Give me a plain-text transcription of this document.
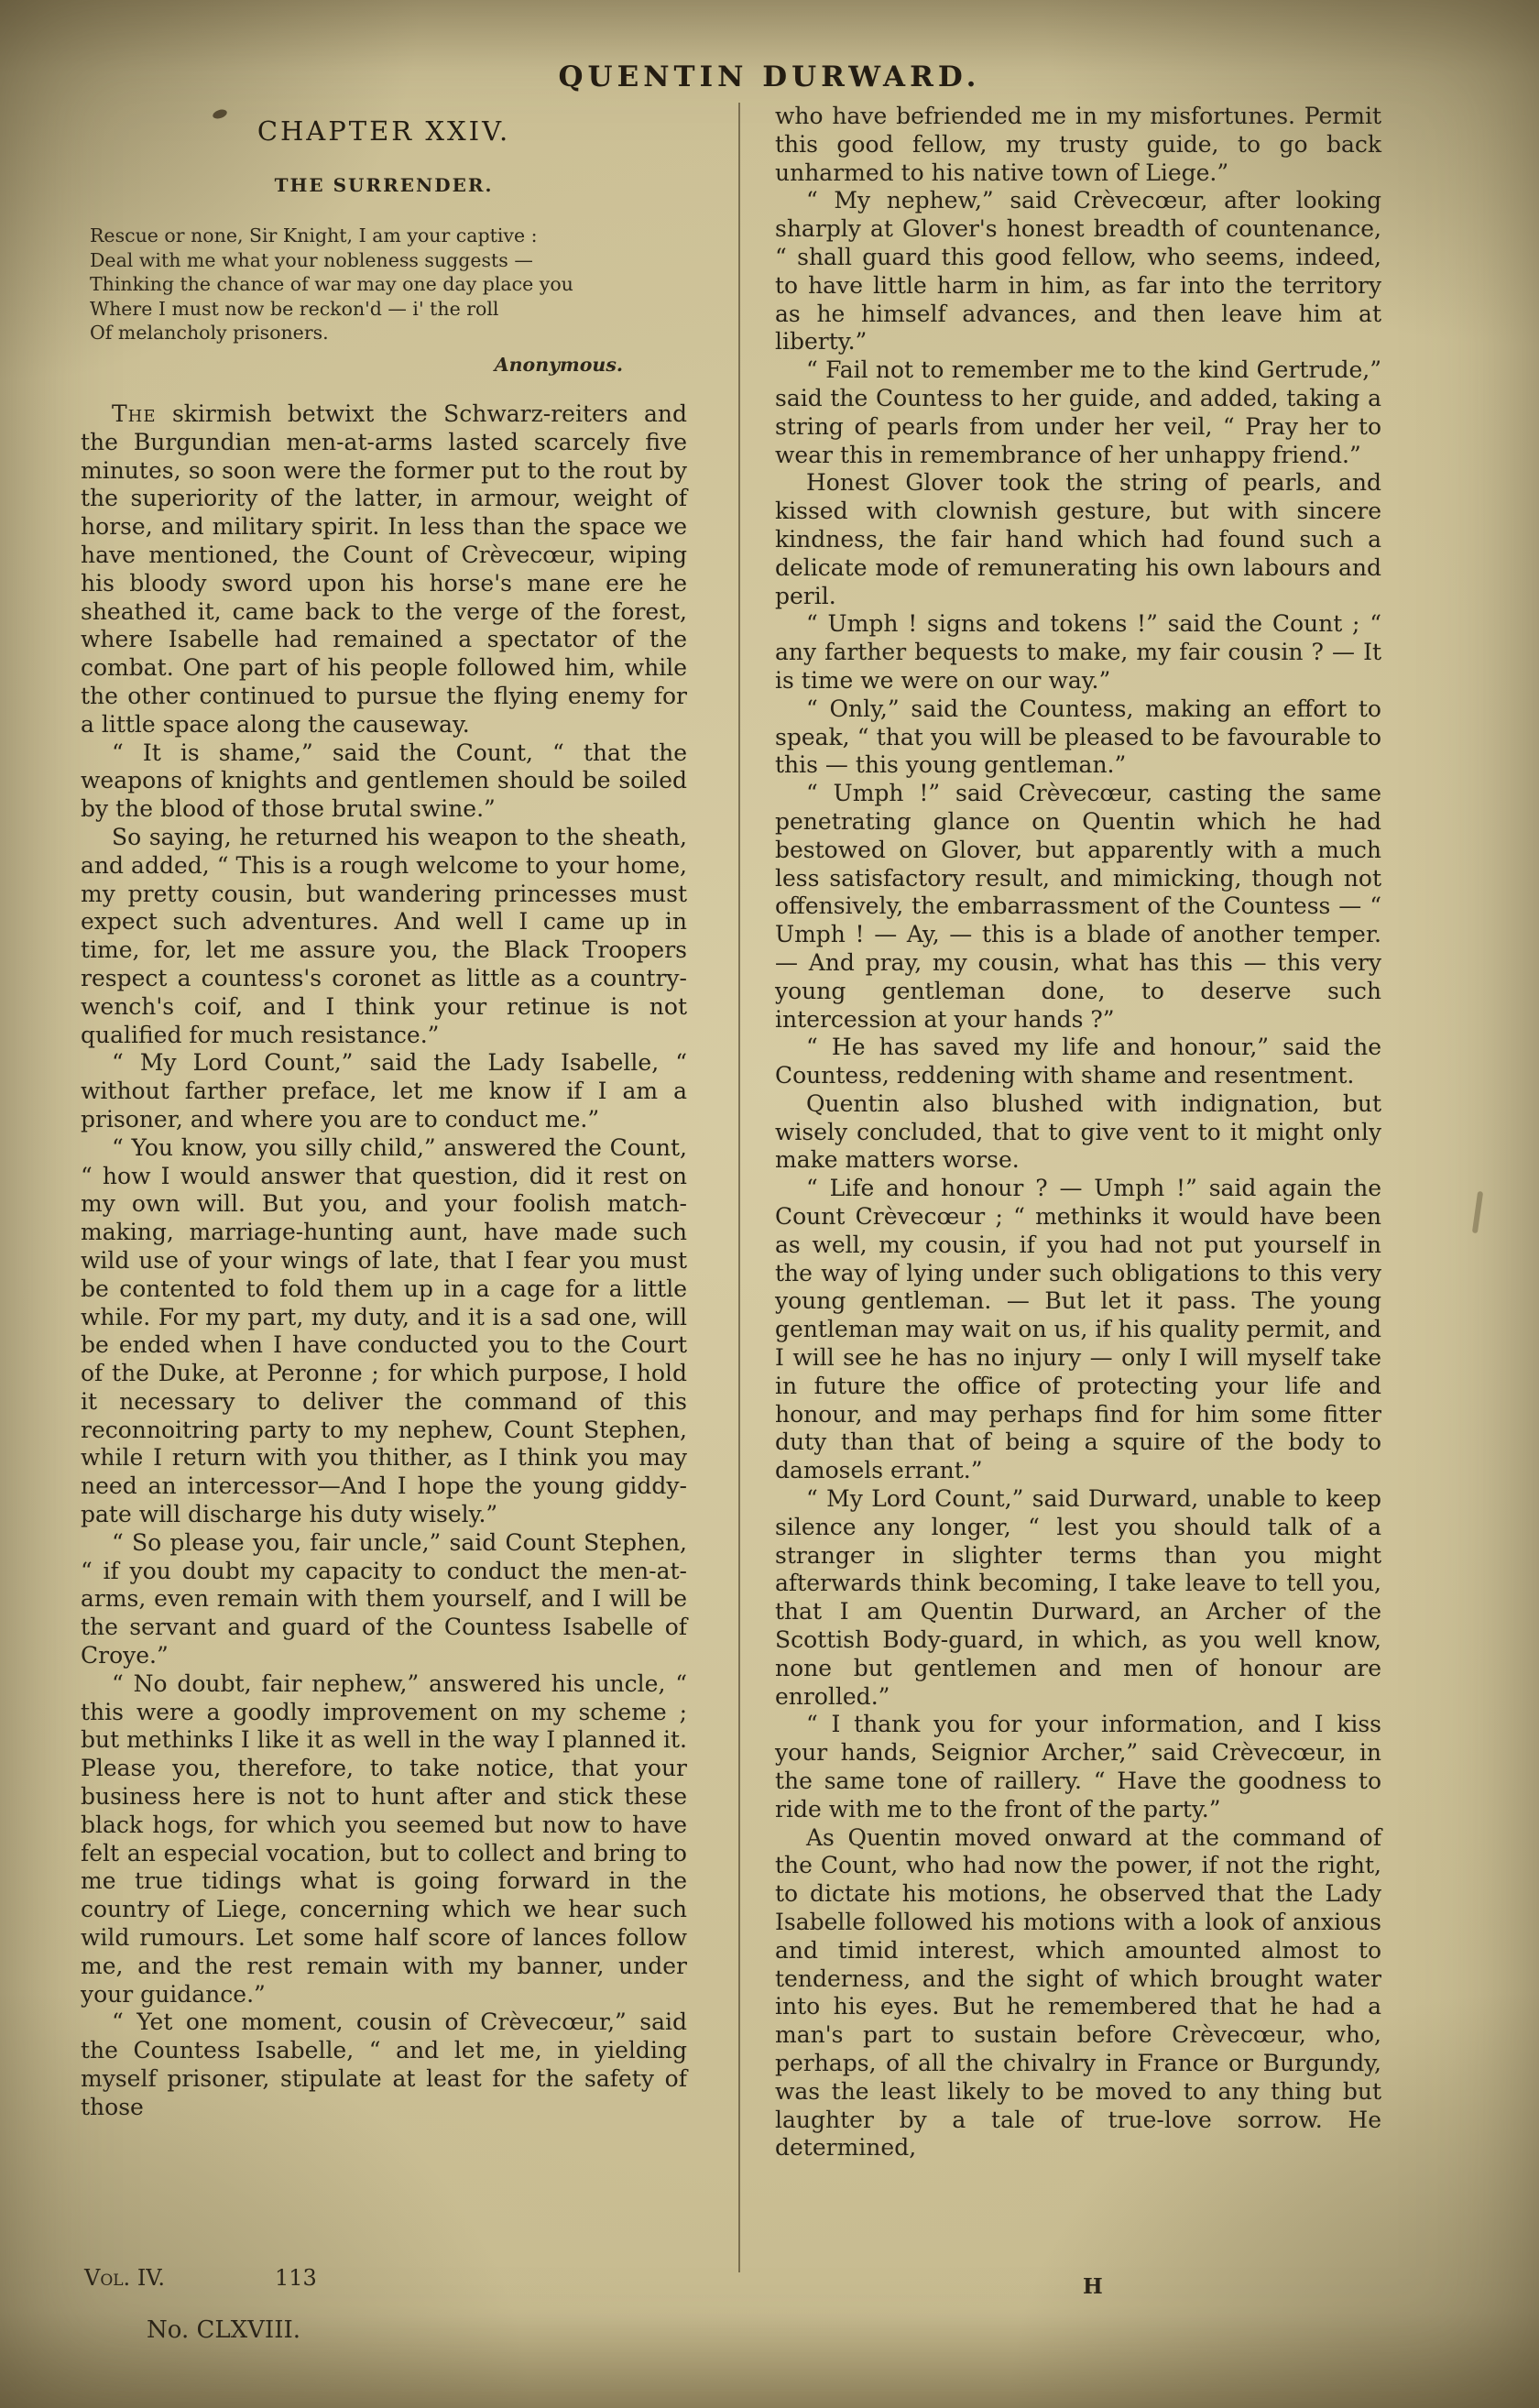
QUENTIN DURWARD.
CHAPTER XXIV.
THE SURRENDER.
Rescue or none, Sir Knight, I am your captive :
Deal with me what your nobleness suggests —
Thinking the chance of war may one day place you
Where I must now be reckon'd — i' the roll
Of melancholy prisoners.
Anonymous.

The skirmish betwixt the Schwarz-reiters and the Burgundian men-at-arms lasted scarcely five minutes, so soon were the former put to the rout by the superiority of the latter, in armour, weight of horse, and military spirit. In less than the space we have mentioned, the Count of Crèvecœur, wiping his bloody sword upon his horse's mane ere he sheathed it, came back to the verge of the forest, where Isabelle had remained a spectator of the combat. One part of his people followed him, while the other continued to pursue the flying enemy for a little space along the causeway.

“ It is shame,” said the Count, “ that the weapons of knights and gentlemen should be soiled by the blood of those brutal swine.”

So saying, he returned his weapon to the sheath, and added, “ This is a rough welcome to your home, my pretty cousin, but wandering princesses must expect such adventures. And well I came up in time, for, let me assure you, the Black Troopers respect a countess's coronet as little as a country-wench's coif, and I think your retinue is not qualified for much resistance.”

“ My Lord Count,” said the Lady Isabelle, “ without farther preface, let me know if I am a prisoner, and where you are to conduct me.”

“ You know, you silly child,” answered the Count, “ how I would answer that question, did it rest on my own will. But you, and your foolish match-making, marriage-hunting aunt, have made such wild use of your wings of late, that I fear you must be contented to fold them up in a cage for a little while. For my part, my duty, and it is a sad one, will be ended when I have conducted you to the Court of the Duke, at Peronne ; for which purpose, I hold it necessary to deliver the command of this reconnoitring party to my nephew, Count Stephen, while I return with you thither, as I think you may need an intercessor—And I hope the young giddy-pate will discharge his duty wisely.”

“ So please you, fair uncle,” said Count Stephen, “ if you doubt my capacity to conduct the men-at-arms, even remain with them yourself, and I will be the servant and guard of the Countess Isabelle of Croye.”

“ No doubt, fair nephew,” answered his uncle, “ this were a goodly improvement on my scheme ; but methinks I like it as well in the way I planned it. Please you, therefore, to take notice, that your business here is not to hunt after and stick these black hogs, for which you seemed but now to have felt an especial vocation, but to collect and bring to me true tidings what is going forward in the country of Liege, concerning which we hear such wild rumours. Let some half score of lances follow me, and the rest remain with my banner, under your guidance.”

“ Yet one moment, cousin of Crèvecœur,” said the Countess Isabelle, “ and let me, in yielding myself prisoner, stipulate at least for the safety of those

who have befriended me in my misfortunes. Permit this good fellow, my trusty guide, to go back unharmed to his native town of Liege.”

“ My nephew,” said Crèvecœur, after looking sharply at Glover's honest breadth of countenance, “ shall guard this good fellow, who seems, indeed, to have little harm in him, as far into the territory as he himself advances, and then leave him at liberty.”

“ Fail not to remember me to the kind Gertrude,” said the Countess to her guide, and added, taking a string of pearls from under her veil, “ Pray her to wear this in remembrance of her unhappy friend.”

Honest Glover took the string of pearls, and kissed with clownish gesture, but with sincere kindness, the fair hand which had found such a delicate mode of remunerating his own labours and peril.

“ Umph ! signs and tokens !” said the Count ; “ any farther bequests to make, my fair cousin ? — It is time we were on our way.”

“ Only,” said the Countess, making an effort to speak, “ that you will be pleased to be favourable to this — this young gentleman.”

“ Umph !” said Crèvecœur, casting the same penetrating glance on Quentin which he had bestowed on Glover, but apparently with a much less satisfactory result, and mimicking, though not offensively, the embarrassment of the Countess — “ Umph ! — Ay, — this is a blade of another temper. — And pray, my cousin, what has this — this very young gentleman done, to deserve such intercession at your hands ?”

“ He has saved my life and honour,” said the Countess, reddening with shame and resentment.

Quentin also blushed with indignation, but wisely concluded, that to give vent to it might only make matters worse.

“ Life and honour ? — Umph !” said again the Count Crèvecœur ; “ methinks it would have been as well, my cousin, if you had not put yourself in the way of lying under such obligations to this very young gentleman. — But let it pass. The young gentleman may wait on us, if his quality permit, and I will see he has no injury — only I will myself take in future the office of protecting your life and honour, and may perhaps find for him some fitter duty than that of being a squire of the body to damosels errant.”

“ My Lord Count,” said Durward, unable to keep silence any longer, “ lest you should talk of a stranger in slighter terms than you might afterwards think becoming, I take leave to tell you, that I am Quentin Durward, an Archer of the Scottish Body-guard, in which, as you well know, none but gentlemen and men of honour are enrolled.”

“ I thank you for your information, and I kiss your hands, Seignior Archer,” said Crèvecœur, in the same tone of raillery. “ Have the goodness to ride with me to the front of the party.”

As Quentin moved onward at the command of the Count, who had now the power, if not the right, to dictate his motions, he observed that the Lady Isabelle followed his motions with a look of anxious and timid interest, which amounted almost to tenderness, and the sight of which brought water into his eyes. But he remembered that he had a man's part to sustain before Crèvecœur, who, perhaps, of all the chivalry in France or Burgundy, was the least likely to be moved to any thing but laughter by a tale of true-love sorrow. He determined,

Vol. IV.	113
No. CLXVIII.
H
